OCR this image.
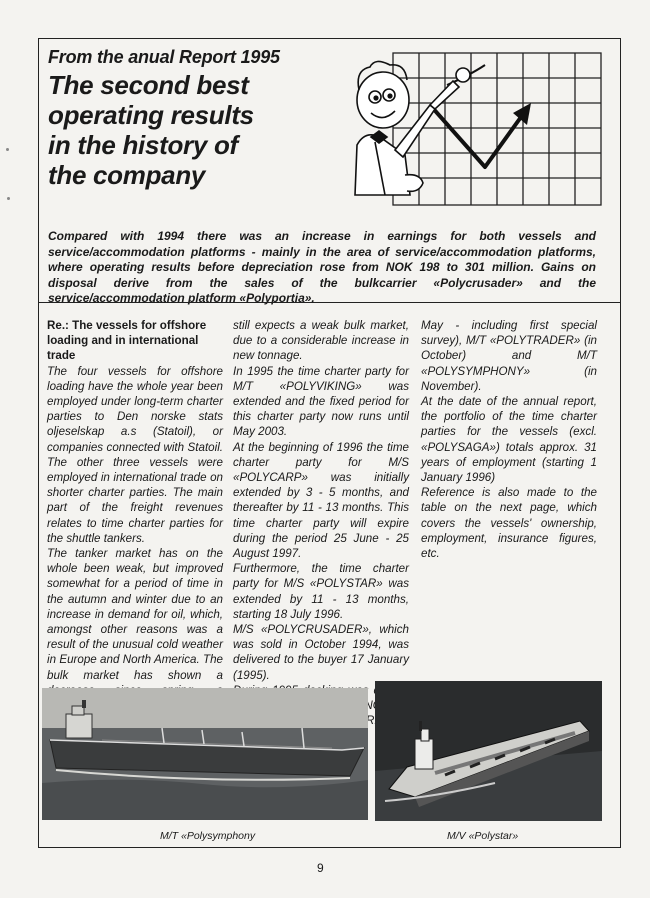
From the anual Report 1995
The second best operating results in the history of the company
Compared with 1994 there was an increase in earnings for both vessels and service/accommodation platforms - mainly in the area of service/accommodation platforms, where operating results before depreciation rose from NOK 198 to 301 million. Gains on disposal derive from the sales of the bulkcarrier «Polycrusader» and the service/accommodation platform «Polyportia».

Re.: The vessels for offshore loading and in international trade

The four vessels for offshore loading have the whole year been employed under long-term charter parties to Den norske stats oljeselskap a.s (Statoil), or companies connected with Statoil. The other three vessels were employed in international trade on shorter charter parties. The main part of the freight revenues relates to time charter parties for the shuttle tankers.

The tanker market has on the whole been weak, but improved somewhat for a period of time in the autumn and winter due to an increase in demand for oil, which, amongst other reasons was a result of the unusual cold weather in Europe and North America. The bulk market has shown a

still expects a weak bulk market, due to a considerable increase in new tonnage.

In 1995 the time charter party for M/T «POLYVIKING» was extended and the fixed period for this charter party now runs until May 2003.

At the beginning of 1996 the time charter party for M/S «POLYCARP» was initially extended by 3 - 5 months, and thereafter by 11 - 13 months. This time charter party will expire during the period 25 June - 25 August 1997.

Furthermore, the time charter party for M/S «POLYSTAR» was extended by 11 - 13 months, starting 18 July 1996.

M/S «POLYCRUSADER», which was sold in October 1994, was delivered to the buyer 17 January (1995).

May - including first special survey), M/T «POLYTRADER» (in October) and M/T «POLYSYMPHONY» (in November).

At the date of the annual report, the portfolio of the time charter parties for the vessels (excl. «POLYSAGA») totals approx. 31 years of employment (starting 1 January 1996)

Reference is also made to the table on the next page, which covers the vessels' ownership, employment, insurance figures, etc.

M/T «Polysymphony	M/V «Polystar»
9
